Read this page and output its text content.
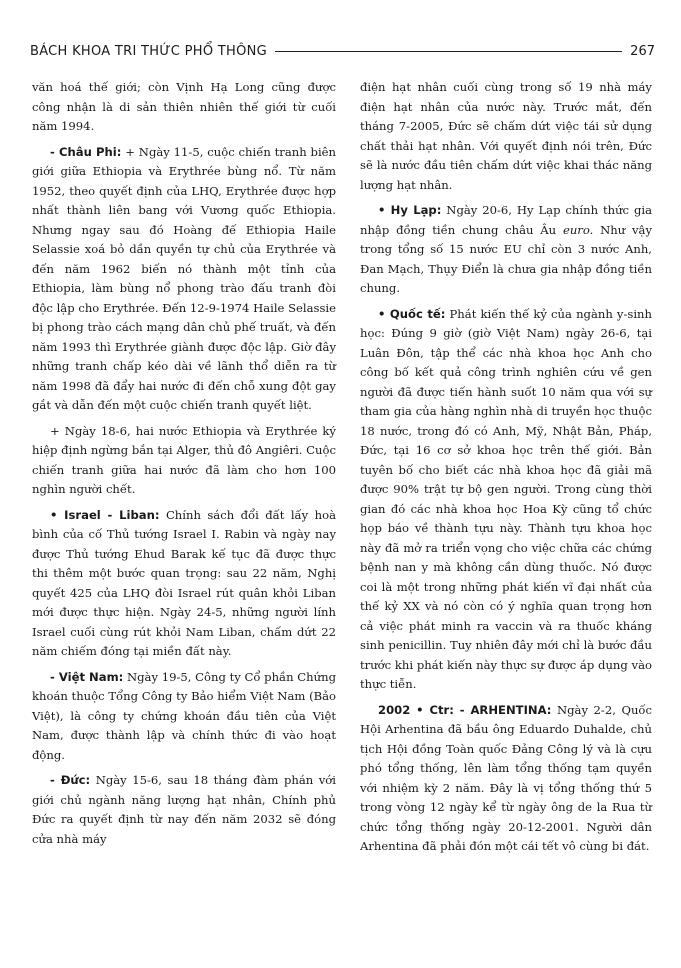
BÁCH KHOA TRI THỨC PHỔ THÔNG	267

văn hoá thế giới; còn Vịnh Hạ Long cũng được công nhận là di sản thiên nhiên thế giới từ cuối năm 1994.

- Châu Phi: + Ngày 11-5, cuộc chiến tranh biên giới giữa Ethiopia và Erythrée bùng nổ. Từ năm 1952, theo quyết định của LHQ, Erythrée được hợp nhất thành liên bang với Vương quốc Ethiopia. Nhưng ngay sau đó Hoàng đế Ethiopia Haile Selassie xoá bỏ dần quyền tự chủ của Erythrée và đến năm 1962 biến nó thành một tỉnh của Ethiopia, làm bùng nổ phong trào đấu tranh đòi độc lập cho Erythrée. Đến 12-9-1974 Haile Selassie bị phong trào cách mạng dân chủ phế truất, và đến năm 1993 thì Erythrée giành được độc lập. Giờ đây những tranh chấp kéo dài về lãnh thổ diễn ra từ năm 1998 đã đẩy hai nước đi đến chỗ xung đột gay gắt và dẫn đến một cuộc chiến tranh quyết liệt.

+ Ngày 18-6, hai nước Ethiopia và Erythrée ký hiệp định ngừng bắn tại Alger, thủ đô Angiêri. Cuộc chiến tranh giữa hai nước đã làm cho hơn 100 nghìn người chết.

• Israel - Liban: Chính sách đổi đất lấy hoà bình của cố Thủ tướng Israel I. Rabin và ngày nay được Thủ tướng Ehud Barak kế tục đã được thực thi thêm một bước quan trọng: sau 22 năm, Nghị quyết 425 của LHQ đòi Israel rút quân khỏi Liban mới được thực hiện. Ngày 24-5, những người lính Israel cuối cùng rút khỏi Nam Liban, chấm dứt 22 năm chiếm đóng tại miền đất này.

- Việt Nam: Ngày 19-5, Công ty Cổ phần Chứng khoán thuộc Tổng Công ty Bảo hiểm Việt Nam (Bảo Việt), là công ty chứng khoán đầu tiên của Việt Nam, được thành lập và chính thức đi vào hoạt động.

- Đức: Ngày 15-6, sau 18 tháng đàm phán với giới chủ ngành năng lượng hạt nhân, Chính phủ Đức ra quyết định từ nay đến năm 2032 sẽ đóng cửa nhà máy

điện hạt nhân cuối cùng trong số 19 nhà máy điện hạt nhân của nước này. Trước mắt, đến tháng 7-2005, Đức sẽ chấm dứt việc tái sử dụng chất thải hạt nhân. Với quyết định nói trên, Đức sẽ là nước đầu tiên chấm dứt việc khai thác năng lượng hạt nhân.

• Hy Lạp: Ngày 20-6, Hy Lạp chính thức gia nhập đồng tiền chung châu Âu euro. Như vậy trong tổng số 15 nước EU chỉ còn 3 nước Anh, Đan Mạch, Thụy Điển là chưa gia nhập đồng tiền chung.

• Quốc tế: Phát kiến thế kỷ của ngành y-sinh học: Đúng 9 giờ (giờ Việt Nam) ngày 26-6, tại Luân Đôn, tập thể các nhà khoa học Anh cho công bố kết quả công trình nghiên cứu về gen người đã được tiến hành suốt 10 năm qua với sự tham gia của hàng nghìn nhà di truyền học thuộc 18 nước, trong đó có Anh, Mỹ, Nhật Bản, Pháp, Đức, tại 16 cơ sở khoa học trên thế giới. Bản tuyên bố cho biết các nhà khoa học đã giải mã được 90% trật tự bộ gen người. Trong cùng thời gian đó các nhà khoa học Hoa Kỳ cũng tổ chức họp báo về thành tựu này. Thành tựu khoa học này đã mở ra triển vọng cho việc chữa các chứng bệnh nan y mà không cần dùng thuốc. Nó được coi là một trong những phát kiến vĩ đại nhất của thế kỷ XX và nó còn có ý nghĩa quan trọng hơn cả việc phát minh ra vaccin và ra thuốc kháng sinh penicillin. Tuy nhiên đây mới chỉ là bước đầu trước khi phát kiến này thực sự được áp dụng vào thực tiễn.

2002 • Ctr: - ARHENTINA: Ngày 2-2, Quốc Hội Arhentina đã bầu ông Eduardo Duhalde, chủ tịch Hội đồng Toàn quốc Đảng Công lý và là cựu phó tổng thống, lên làm tổng thống tạm quyền với nhiệm kỳ 2 năm. Đây là vị tổng thống thứ 5 trong vòng 12 ngày kể từ ngày ông de la Rua từ chức tổng thống ngày 20-12-2001. Người dân Arhentina đã phải đón một cái tết vô cùng bi đát.
